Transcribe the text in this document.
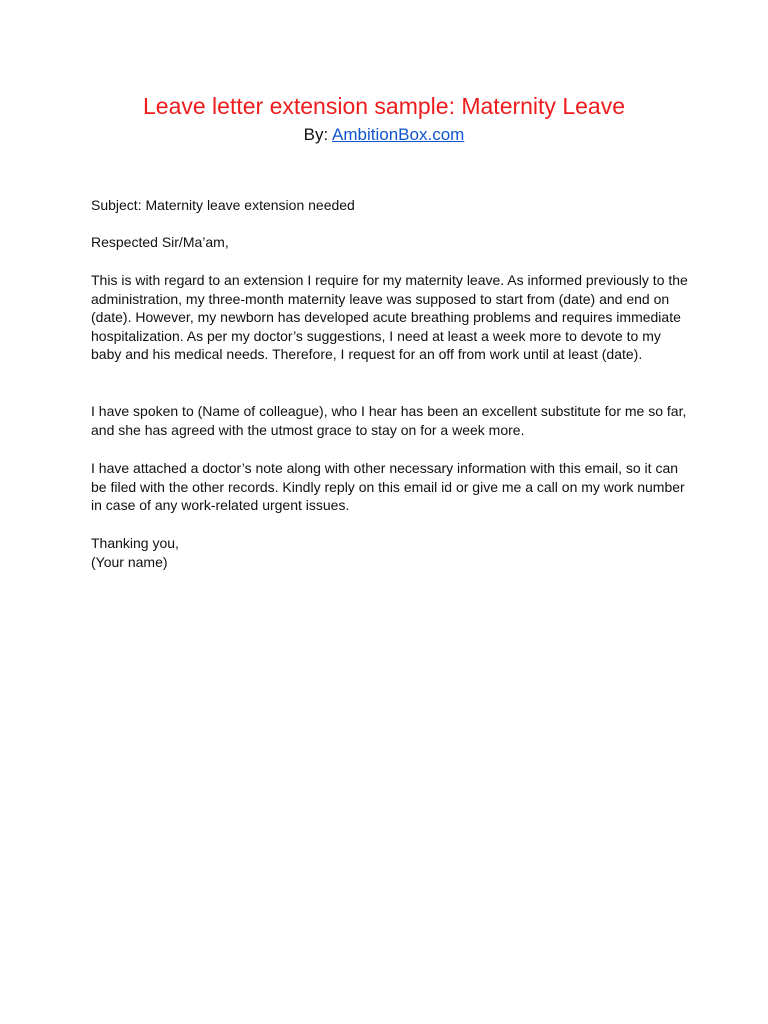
Leave letter extension sample: Maternity Leave
By: AmbitionBox.com

Subject: Maternity leave extension needed

Respected Sir/Ma’am,

This is with regard to an extension I require for my maternity leave. As informed previously to the administration, my three-month maternity leave was supposed to start from (date) and end on (date). However, my newborn has developed acute breathing problems and requires immediate hospitalization. As per my doctor’s suggestions, I need at least a week more to devote to my baby and his medical needs. Therefore, I request for an off from work until at least (date).

I have spoken to (Name of colleague), who I hear has been an excellent substitute for me so far, and she has agreed with the utmost grace to stay on for a week more.

I have attached a doctor’s note along with other necessary information with this email, so it can be filed with the other records. Kindly reply on this email id or give me a call on my work number in case of any work-related urgent issues.

Thanking you,

(Your name)
